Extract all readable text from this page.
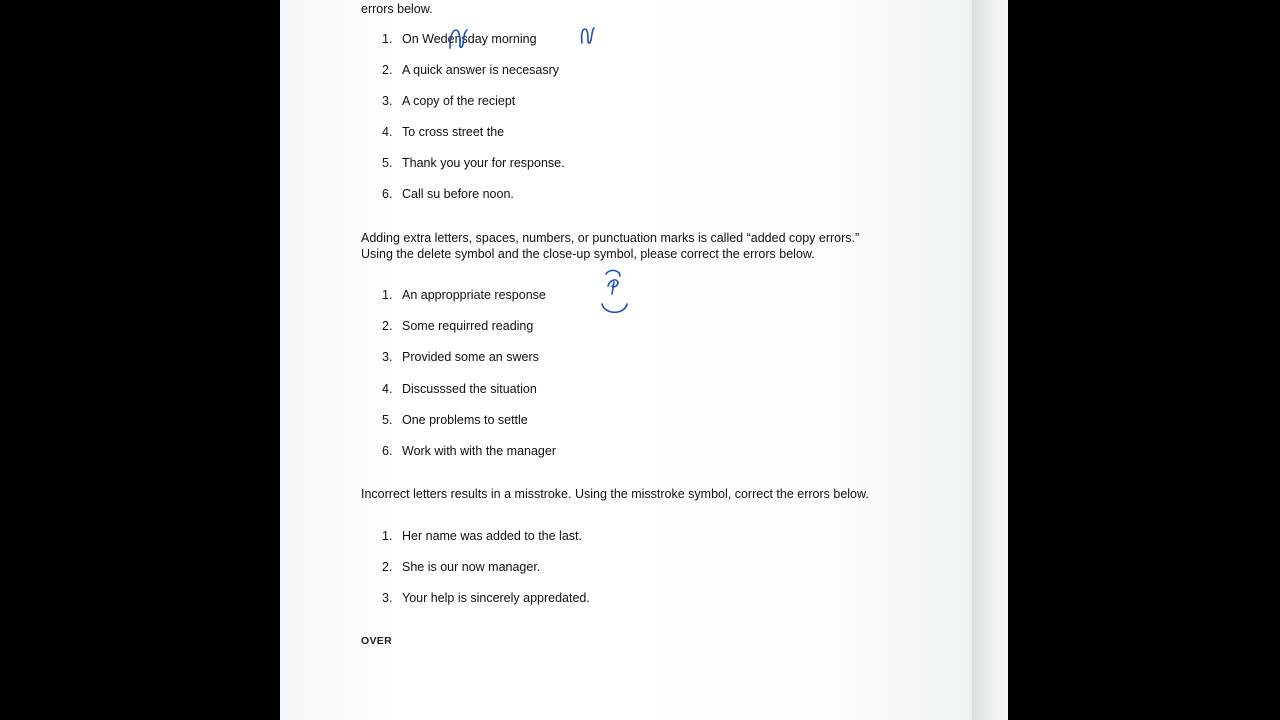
errors below.
1. On Wedensday morning
2. A quick answer is necesasry
3. A copy of the reciept
4. To cross street the
5. Thank you your for response.
6. Call su before noon.
Adding extra letters, spaces, numbers, or punctuation marks is called “added copy errors.” Using the delete symbol and the close-up symbol, please correct the errors below.
1. An approppriate response
2. Some requirred reading
3. Provided some an swers
4. Discusssed the situation
5. One problems to settle
6. Work with with the manager
Incorrect letters results in a misstroke. Using the misstroke symbol, correct the errors below.
1. Her name was added to the last.
2. She is our now manager.
3. Your help is sincerely appredated.
OVER
